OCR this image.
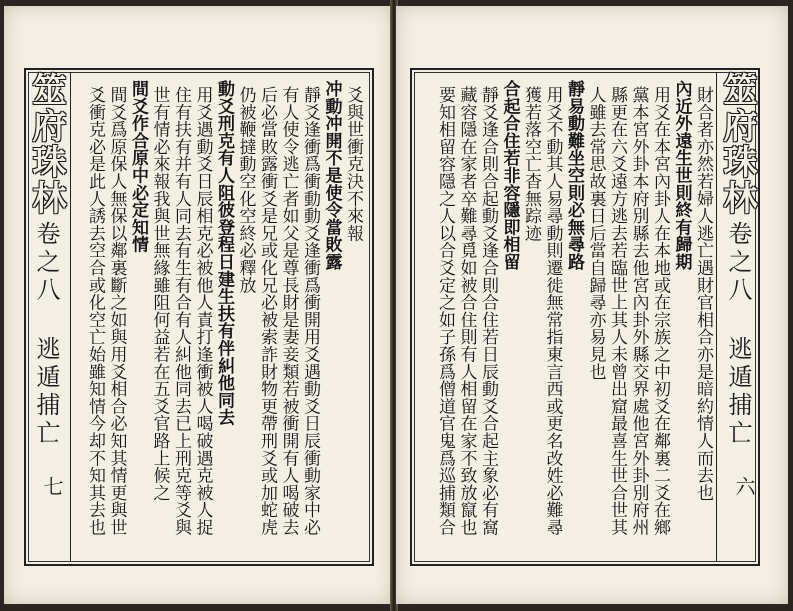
爻與世衝克決不來報
冲動冲開不是使令當敗露
靜爻逢衝爲衝動動爻逢衝爲衝開用爻遇動爻日辰衝動家中必
有人使令逃亡者如父是尊長財是妻妾類若被衝開有人喝破去
后必當敗露衝爻是兄或化兄必被索詐財物更帶刑爻或加蛇虎
仍被鞭撻動空化空終必釋放
動爻刑克有人阻彼登程日建生扶有伴糾他同去
用爻遇動爻日辰相克必被他人責打逢衝被人喝破遇克被人捉
住有扶有并有人同去有生有合有人糾他同去已上刑克等爻與
世有情必來報我與世無緣雖阻何益若在五爻官路上候之
間爻作合原中必定知情
間爻爲原保人無保以鄰裏斷之如與用爻相合必知其情更與世
爻衝克必是此人誘去空合或化空亡始雖知情今却不知其去也
筮府珠林
卷之八
逃遁捕亡
七	財合者亦然若婦人逃亡遇財官相合亦是暗約情人而去也
內近外遠生世則終有歸期
用爻在本宮內卦人在本地或在宗族之中初爻在鄰裏二爻在鄉
黨本宮外卦本府別縣去他宮內卦外縣交界處他宮外卦別府州
縣更在六爻遠方逃去若臨世上其人未曾出窟最喜生世合世其
人雖去常思故裏日后當自歸尋亦易見也
靜易動難坐空則必無尋路
用爻不動其人易尋動則遷徙無常指東言西或更名改姓必難尋
獲若落空亡杳無踪迹
合起合住若非容隱即相留
靜爻逢合則合起動爻逢合則合住若日辰動爻合起主象必有窩
藏容隱在家者卒難尋覓如被合住則有人相留在家不致放竄也
要知相留容隱之人以合爻定之如子孫爲僧道官鬼爲巡捕類合	筮府珠林
卷之八
逃遁捕亡
六
